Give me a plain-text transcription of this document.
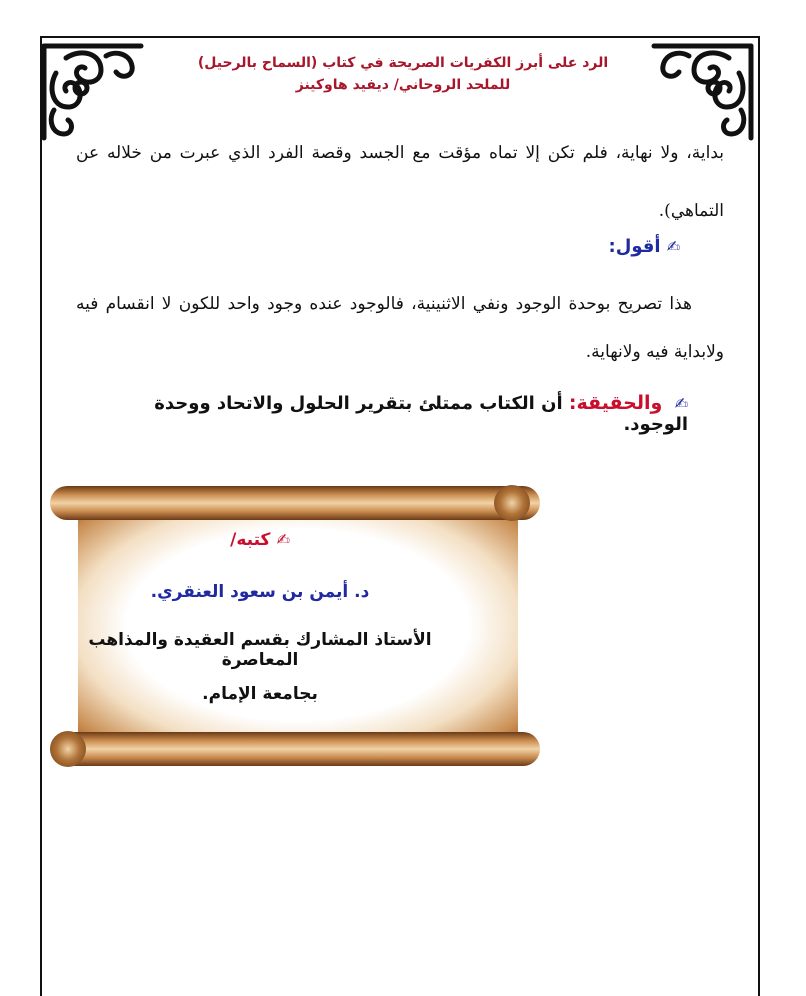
الرد على أبرز الكفريات الصريحة في كتاب (السماح بالرحيل)
للملحد الروحاني/ ديفيد هاوكينز
بداية، ولا نهاية، فلم تكن إلا تماه مؤقت مع الجسد وقصة الفرد الذي عبرت من خلاله عن التماهي).
✍أقول:
هذا تصريح بوحدة الوجود ونفي الاثنينية، فالوجود عنده وجود واحد للكون لا انقسام فيه ولابداية فيه ولانهاية.
✍ والحقيقة: أن الكتاب ممتلئ بتقرير الحلول والاتحاد ووحدة الوجود.
✍كتبه/
د. أيمن بن سعود العنقري.
الأستاذ المشارك بقسم العقيدة والمذاهب المعاصرة
بجامعة الإمام.
